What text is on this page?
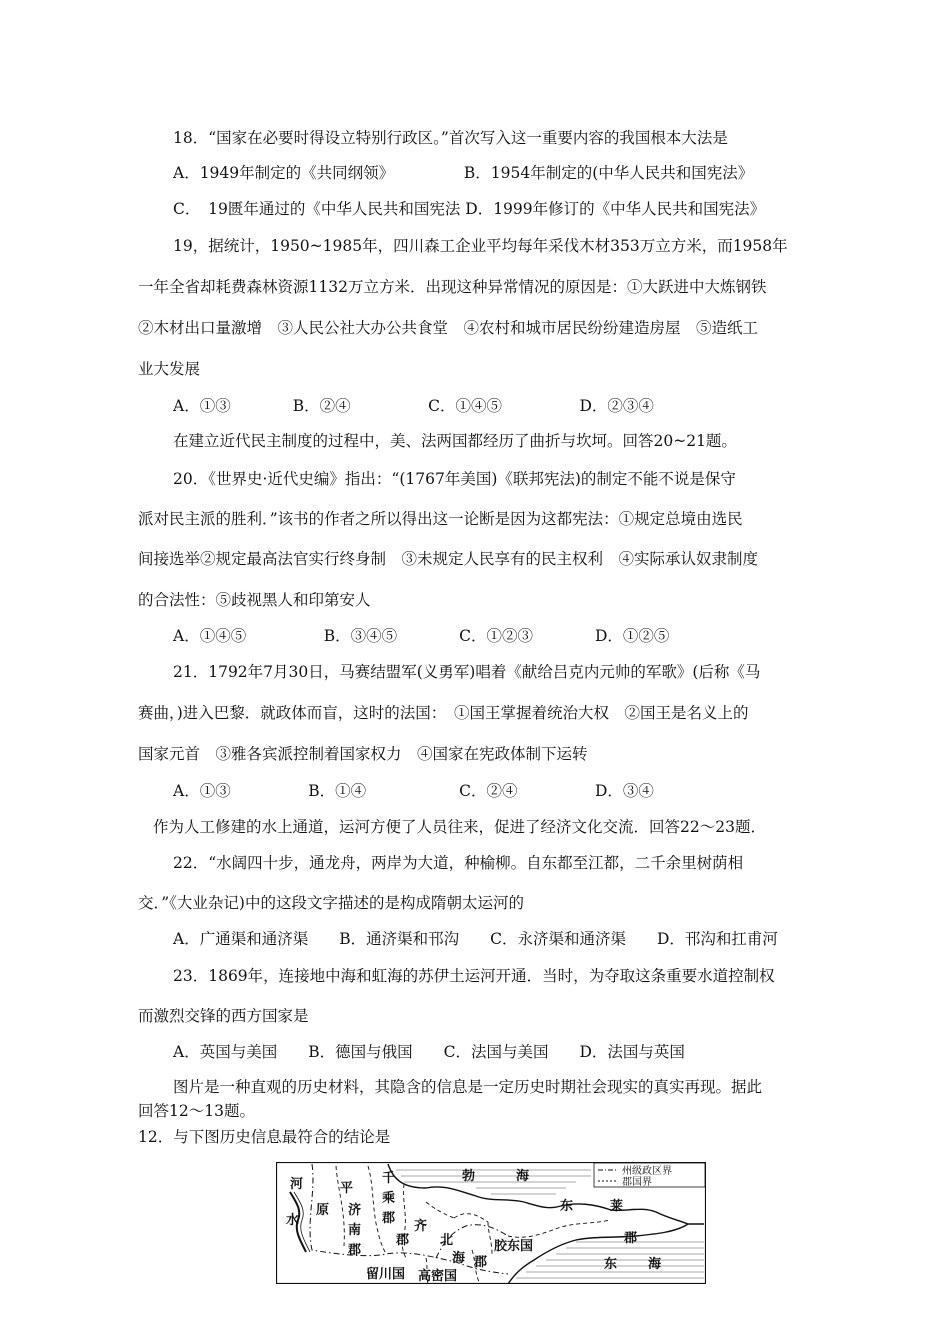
18．“国家在必要时得设立特别行政区。”首次写入这一重要内容的我国根本大法是
A．1949年制定的《共同纲领》　　　　　B．1954年制定的(中华人民共和国宪法》
C．　19匮年通过的《中华人民共和国宪法 D．1999年修订的《中华人民共和国宪法》
19，据统计，1950~1985年，四川森工企业平均每年采伐木材353万立方米，而1958年
一年全省却耗费森林资源1132万立方米．出现这种异常情况的原因是：①大跃进中大炼钢铁
②木材出口量激增　③人民公社大办公共食堂　④农村和城市居民纷纷建造房屋　⑤造纸工
业大发展
A．①③　　　　B．②④　　　　　C．①④⑤　　　　　D．②③④
在建立近代民主制度的过程中，美、法两国都经历了曲折与坎坷。回答20~21题。
20．《世界史·近代史编》指出：“(1767年美国)《联邦宪法)的制定不能不说是保守
派对民主派的胜利．”该书的作者之所以得出这一论断是因为这都宪法：①规定总境由选民
间接选举②规定最高法官实行终身制　③未规定人民享有的民主权利　④实际承认奴隶制度
的合法性：⑤歧视黑人和印第安人
A．①④⑤　　　　　B．③④⑤　　　　C．①②③　　　　D．①②⑤
21．1792年7月30日，马赛结盟军(义勇军)唱着《献给吕克内元帅的军歌》(后称《马
赛曲，)进入巴黎．就政体而盲，这时的法国：　①国王掌握着统治大权　②国王是名义上的
国家元首　③雅各宾派控制着国家权力　④国家在宪政体制下运转
A．①③　　　　　B．①④　　　　　　C．②④　　　　　D．③④
作为人工修建的水上通道，运河方便了人员往来，促进了经济文化交流．回答22～23题．
22．“水阔四十步，通龙舟，两岸为大道，种榆柳。自东都至江都，二千余里树荫相
交．”《大业杂记)中的这段文字描述的是构成隋朝太运河的
A．广通渠和通济渠　　B．通济渠和邗沟　　C．永济渠和通济渠　　D．邗沟和扛甫河
23．1869年，连接地中海和虹海的苏伊土运河开通．当时，为夺取这条重要水道控制权
而激烈交锋的西方国家是
A．英国与美国　　B．德国与俄国　　C．法国与美国　　D．法国与英国
图片是一种直观的历史材料，其隐含的信息是一定历史时期社会现实的真实再现。据此
回答12～13题。
12．与下图历史信息最符合的结论是
州级政区界
郡国界
河
水
原
平
千
乘
郡
济
南
郡
勃	海
齐
郡 北
海 郡
东	莱
郡
胶东国
留川国 高密国
东 海
